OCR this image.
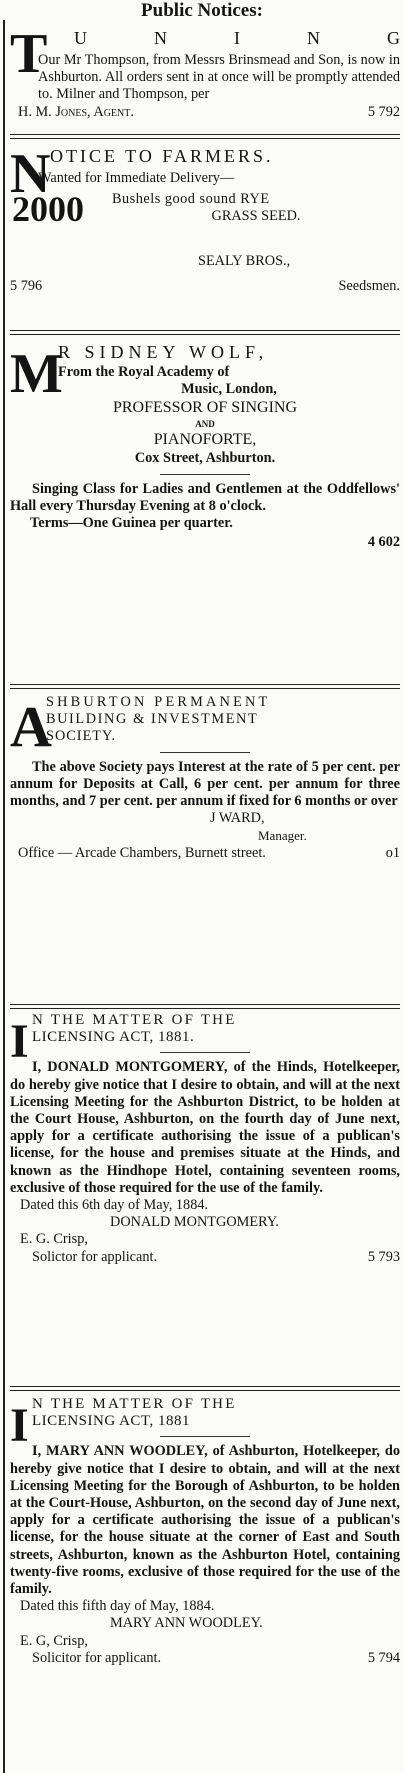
Public Notices:
T U	N	I	N	G

Our Mr Thompson, from Messrs Brinsmead and Son, is now in Ashburton. All orders sent in at once will be promptly attended to. Milner and Thompson, per

H. M. Jones, Agent.	5 792
N OTICE TO FARMERS.

Wanted for Immediate Delivery—

2000 Bushels good sound RYE

GRASS SEED.

SEALY BROS.,

5 796	Seedsmen.
M
R SIDNEY WOLF,

From the Royal Academy of

Music, London,

PROFESSOR OF SINGING

AND

PIANOFORTE,

Cox Street, Ashburton.

Singing Class for Ladies and Gentlemen at the Oddfellows' Hall every Thursday Evening at 8 o'clock.

Terms—One Guinea per quarter.

4 602

A

SHBURTON PERMANENT

BUILDING & INVESTMENT

SOCIETY.

The above Society pays Interest at the rate of 5 per cent. per annum for Deposits at Call, 6 per cent. per annum for three months, and 7 per cent. per annum if fixed for 6 months or over

J WARD,

Manager.

Office — Arcade Chambers, Burnett street.	o1
I N THE MATTER OF THE

LICENSING ACT, 1881.

I, DONALD MONTGOMERY, of the Hinds, Hotelkeeper, do hereby give notice that I desire to obtain, and will at the next Licensing Meeting for the Ashburton District, to be holden at the Court House, Ashburton, on the fourth day of June next, apply for a certificate authorising the issue of a publican's license, for the house and premises situate at the Hinds, and known as the Hindhope Hotel, containing seventeen rooms, exclusive of those required for the use of the family.

Dated this 6th day of May, 1884.

DONALD MONTGOMERY.

E. G. Crisp,

Solictor for applicant.	5 793
I N THE MATTER OF THE

LICENSING ACT, 1881

I, MARY ANN WOODLEY, of Ashburton, Hotelkeeper, do hereby give notice that I desire to obtain, and will at the next Licensing Meeting for the Borough of Ashburton, to be holden at the Court-House, Ashburton, on the second day of June next, apply for a certificate authorising the issue of a publican's license, for the house situate at the corner of East and South streets, Ashburton, known as the Ashburton Hotel, containing twenty-five rooms, exclusive of those required for the use of the family.

Dated this fifth day of May, 1884.

MARY ANN WOODLEY.

E. G, Crisp,

Solicitor for applicant.	5 794
